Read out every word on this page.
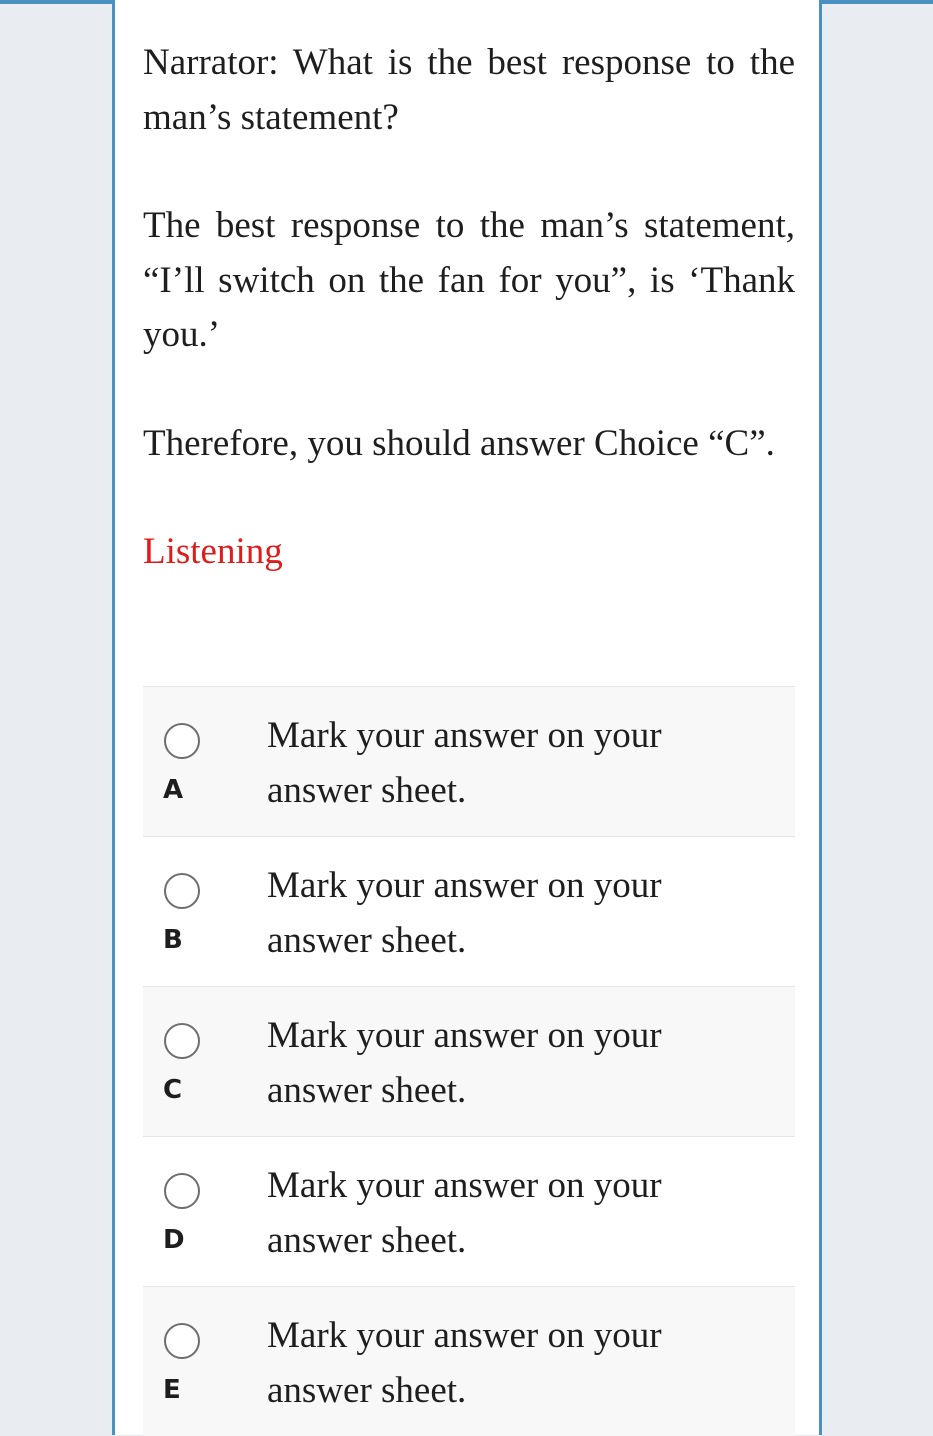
Narrator: What is the best response to the man’s statement?

The best response to the man’s statement, “I’ll switch on the fan for you”, is ‘Thank you.’

Therefore, you should answer Choice “C”.

Listening
A
Mark your answer on your answer sheet.
B
Mark your answer on your answer sheet.
C
Mark your answer on your answer sheet.
D
Mark your answer on your answer sheet.
E
Mark your answer on your answer sheet.
